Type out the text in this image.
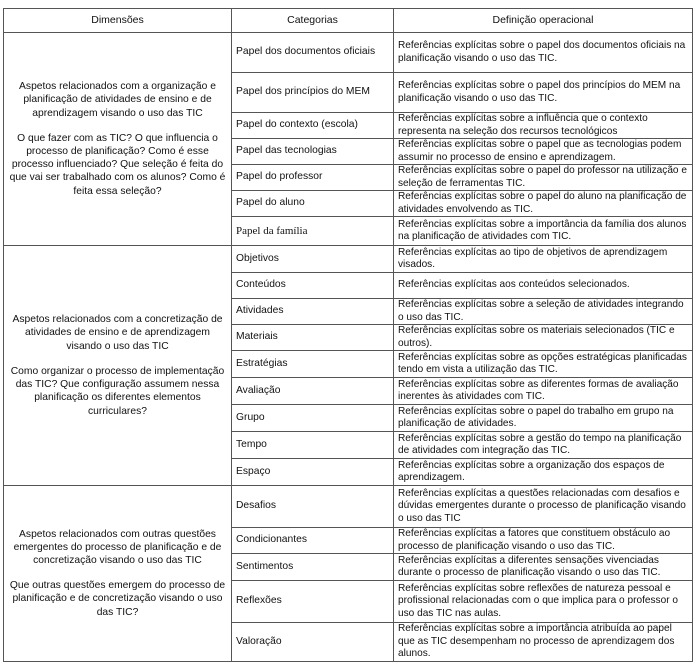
Dimensões	Categorias	Definição operacional
Aspetos relacionados com a organização e planificação de atividades de ensino e de aprendizagem visando o uso das TIC
O que fazer com as TIC? O que influencia o processo de planificação? Como é esse processo influenciado? Que seleção é feita do que vai ser trabalhado com os alunos? Como é feita essa seleção?	Papel dos documentos oficiais	Referências explícitas sobre o papel dos documentos oficiais na planificação visando o uso das TIC.
	Papel dos princípios do MEM	Referências explícitas sobre o papel dos princípios do MEM na planificação visando o uso das TIC.
	Papel do contexto (escola)	Referências explícitas sobre a influência que o contexto representa na seleção dos recursos tecnológicos
	Papel das tecnologias	Referências explícitas sobre o papel que as tecnologias podem assumir no processo de ensino e aprendizagem.
	Papel do professor	Referências explícitas sobre o papel do professor na utilização e seleção de ferramentas TIC.
	Papel do aluno	Referências explícitas sobre o papel do aluno na planificação de atividades envolvendo as TIC.
	Papel da família	Referências explícitas sobre a importância da família dos alunos na planificação de atividades com TIC.
Aspetos relacionados com a concretização de atividades de ensino e de aprendizagem visando o uso das TIC
Como organizar o processo de implementação das TIC? Que configuração assumem nessa planificação os diferentes elementos curriculares?	Objetivos	Referências explícitas ao tipo de objetivos de aprendizagem visados.
	Conteúdos	Referências explícitas aos conteúdos selecionados.
	Atividades	Referências explícitas sobre a seleção de atividades integrando o uso das TIC.
	Materiais	Referências explícitas sobre os materiais selecionados (TIC e outros).
	Estratégias	Referências explícitas sobre as opções estratégicas planificadas tendo em vista a utilização das TIC.
	Avaliação	Referências explícitas sobre as diferentes formas de avaliação inerentes às atividades com TIC.
	Grupo	Referências explícitas sobre o papel do trabalho em grupo na planificação de atividades.
	Tempo	Referências explícitas sobre a gestão do tempo na planificação de atividades com integração das TIC.
	Espaço	Referências explícitas sobre a organização dos espaços de aprendizagem.
Aspetos relacionados com outras questões emergentes do processo de planificação e de concretização visando o uso das TIC
Que outras questões emergem do processo de planificação e de concretização visando o uso das TIC?	Desafios	Referências explícitas a questões relacionadas com desafios e dúvidas emergentes durante o processo de planificação visando o uso das TIC
	Condicionantes	Referências explícitas a fatores que constituem obstáculo ao processo de planificação visando o uso das TIC.
	Sentimentos	Referências explícitas a diferentes sensações vivenciadas durante o processo de planificação visando o uso das TIC.
	Reflexões	Referências explícitas sobre reflexões de natureza pessoal e profissional relacionadas com o que implica para o professor o uso das TIC nas aulas.
	Valoração	Referências explícitas sobre a importância atribuída ao papel que as TIC desempenham no processo de aprendizagem dos alunos.
